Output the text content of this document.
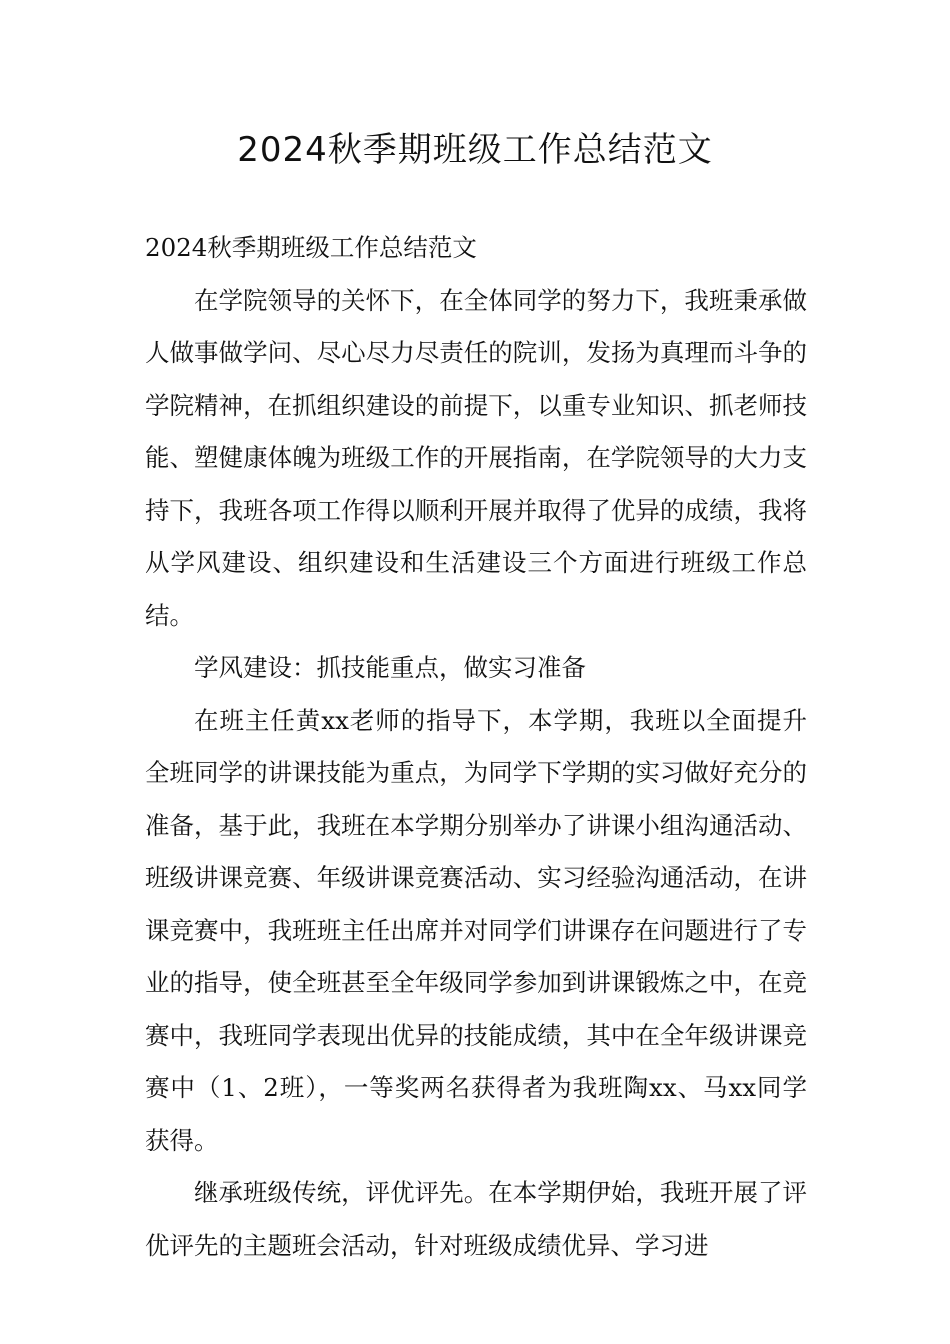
2024秋季期班级工作总结范文

2024秋季期班级工作总结范文

在学院领导的关怀下，在全体同学的努力下，我班秉承做人做事做学问、尽心尽力尽责任的院训，发扬为真理而斗争的学院精神，在抓组织建设的前提下，以重专业知识、抓老师技能、塑健康体魄为班级工作的开展指南，在学院领导的大力支持下，我班各项工作得以顺利开展并取得了优异的成绩，我将从学风建设、组织建设和生活建设三个方面进行班级工作总结。

学风建设：抓技能重点，做实习准备

在班主任黄xx老师的指导下，本学期，我班以全面提升全班同学的讲课技能为重点，为同学下学期的实习做好充分的准备，基于此，我班在本学期分别举办了讲课小组沟通活动、班级讲课竞赛、年级讲课竞赛活动、实习经验沟通活动，在讲课竞赛中，我班班主任出席并对同学们讲课存在问题进行了专业的指导，使全班甚至全年级同学参加到讲课锻炼之中，在竞赛中，我班同学表现出优异的技能成绩，其中在全年级讲课竞赛中（1、2班），一等奖两名获得者为我班陶xx、马xx同学获得。

继承班级传统，评优评先。在本学期伊始，我班开展了评优评先的主题班会活动，针对班级成绩优异、学习进
